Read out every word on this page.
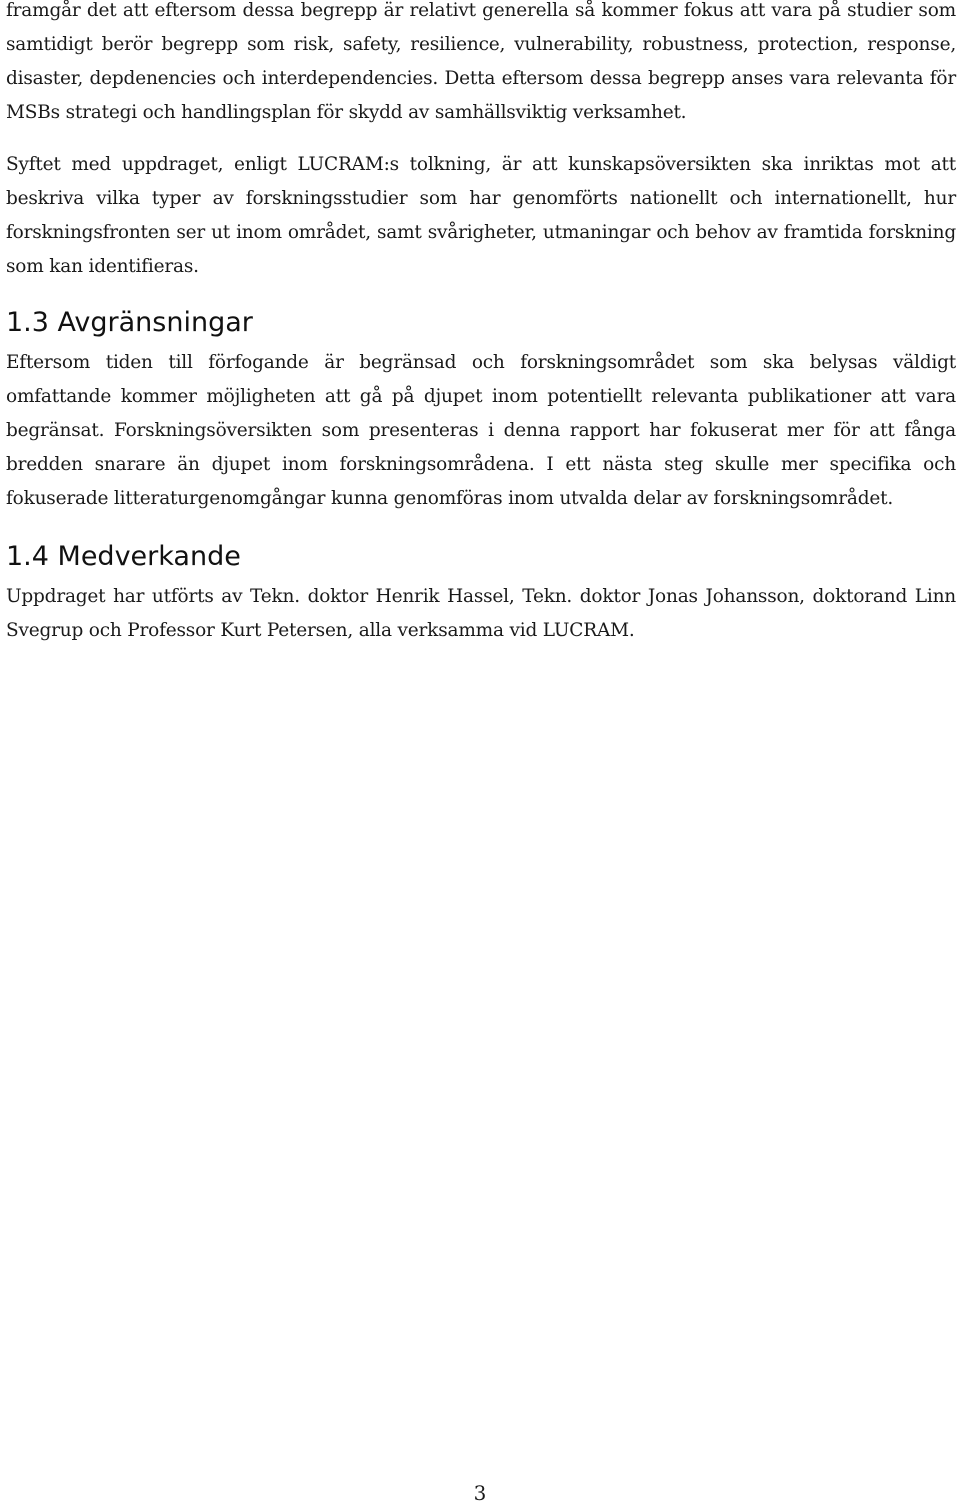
framgår det att eftersom dessa begrepp är relativt generella så kommer fokus att vara på studier som samtidigt berör begrepp som risk, safety, resilience, vulnerability, robustness, protection, response, disaster, depdenencies och interdependencies. Detta eftersom dessa begrepp anses vara relevanta för MSBs strategi och handlingsplan för skydd av samhällsviktig verksamhet.

Syftet med uppdraget, enligt LUCRAM:s tolkning, är att kunskapsöversikten ska inriktas mot att beskriva vilka typer av forskningsstudier som har genomförts nationellt och internationellt, hur forskningsfronten ser ut inom området, samt svårigheter, utmaningar och behov av framtida forskning som kan identifieras.

1.3 Avgränsningar

Eftersom tiden till förfogande är begränsad och forskningsområdet som ska belysas väldigt omfattande kommer möjligheten att gå på djupet inom potentiellt relevanta publikationer att vara begränsat. Forskningsöversikten som presenteras i denna rapport har fokuserat mer för att fånga bredden snarare än djupet inom forskningsområdena. I ett nästa steg skulle mer specifika och fokuserade litteraturgenomgångar kunna genomföras inom utvalda delar av forskningsområdet.

1.4 Medverkande

Uppdraget har utförts av Tekn. doktor Henrik Hassel, Tekn. doktor Jonas Johansson, doktorand Linn Svegrup och Professor Kurt Petersen, alla verksamma vid LUCRAM.

3
